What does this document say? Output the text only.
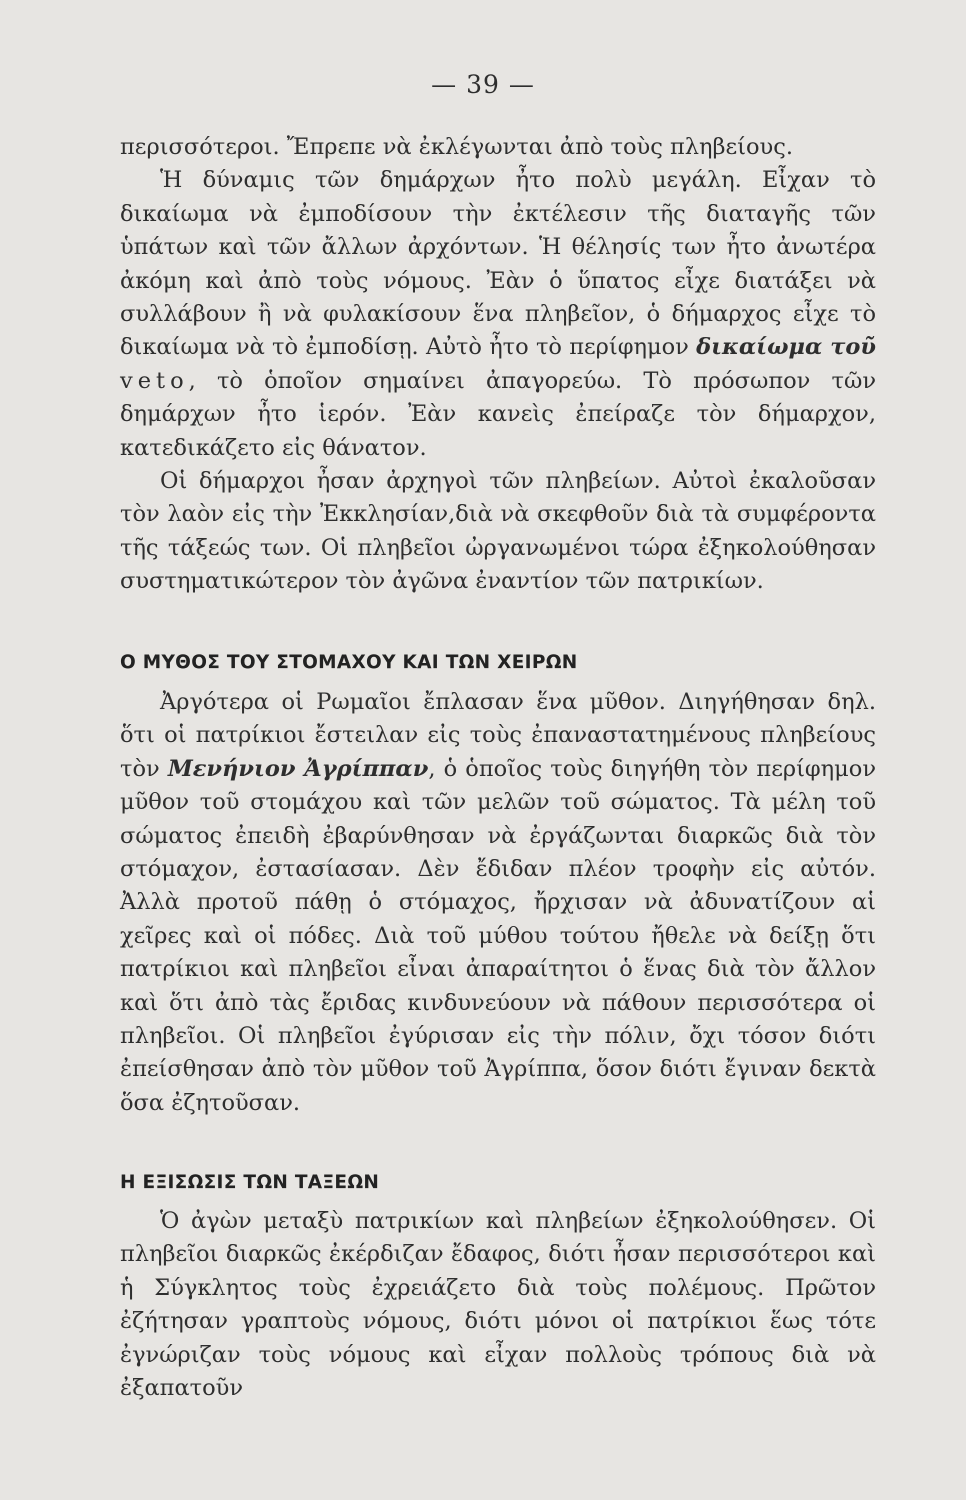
— 39 —

περισσότεροι. Ἔπρεπε νὰ ἐκλέγωνται ἀπὸ τοὺς πληβείους.

Ἡ δύναμις τῶν δημάρχων ἦτο πολὺ μεγάλη. Εἶχαν τὸ δικαίωμα νὰ ἐμποδίσουν τὴν ἐκτέλεσιν τῆς διαταγῆς τῶν ὑπάτων καὶ τῶν ἄλλων ἀρχόντων. Ἡ θέλησίς των ἦτο ἀνωτέρα ἀκόμη καὶ ἀπὸ τοὺς νόμους. Ἐὰν ὁ ὕπατος εἶχε διατάξει νὰ συλλάβουν ἢ νὰ φυλακίσουν ἕνα πληβεῖον, ὁ δήμαρχος εἶχε τὸ δικαίωμα νὰ τὸ ἐμποδίσῃ. Αὐτὸ ἦτο τὸ περίφημον δικαίωμα τοῦ veto, τὸ ὁποῖον σημαίνει ἀπαγορεύω. Τὸ πρόσωπον τῶν δημάρχων ἦτο ἱερόν. Ἐὰν κανεὶς ἐπείραζε τὸν δήμαρχον, κατεδικάζετο εἰς θάνατον.

Οἱ δήμαρχοι ἦσαν ἀρχηγοὶ τῶν πληβείων. Αὐτοὶ ἐκαλοῦσαν τὸν λαὸν εἰς τὴν Ἐκκλησίαν,διὰ νὰ σκεφθοῦν διὰ τὰ συμφέροντα τῆς τάξεώς των. Οἱ πληβεῖοι ὠργανωμένοι τώρα ἐξηκολούθησαν συστηματικώτερον τὸν ἀγῶνα ἐναντίον τῶν πατρικίων.

Ο ΜΥΘΟΣ ΤΟΥ ΣΤΟΜΑΧΟΥ ΚΑΙ ΤΩΝ ΧΕΙΡΩΝ

Ἀργότερα οἱ Ρωμαῖοι ἔπλασαν ἕνα μῦθον. Διηγήθησαν δηλ. ὅτι οἱ πατρίκιοι ἔστειλαν εἰς τοὺς ἐπαναστατημένους πληβείους τὸν Μενήνιον Ἀγρίππαν, ὁ ὁποῖος τοὺς διηγήθη τὸν περίφημον μῦθον τοῦ στομάχου καὶ τῶν μελῶν τοῦ σώματος. Τὰ μέλη τοῦ σώματος ἐπειδὴ ἐβαρύνθησαν νὰ ἐργάζωνται διαρκῶς διὰ τὸν στόμαχον, ἐστασίασαν. Δὲν ἔδιδαν πλέον τροφὴν εἰς αὐτόν. Ἀλλὰ προτοῦ πάθῃ ὁ στόμαχος, ἤρχισαν νὰ ἀδυνατίζουν αἱ χεῖρες καὶ οἱ πόδες. Διὰ τοῦ μύθου τούτου ἤθελε νὰ δείξῃ ὅτι πατρίκιοι καὶ πληβεῖοι εἶναι ἀπαραίτητοι ὁ ἕνας διὰ τὸν ἄλλον καὶ ὅτι ἀπὸ τὰς ἔριδας κινδυνεύουν νὰ πάθουν περισσότερα οἱ πληβεῖοι. Οἱ πληβεῖοι ἐγύρισαν εἰς τὴν πόλιν, ὄχι τόσον διότι ἐπείσθησαν ἀπὸ τὸν μῦθον τοῦ Ἀγρίππα, ὅσον διότι ἔγιναν δεκτὰ ὅσα ἐζητοῦσαν.

Η ΕΞΙΣΩΣΙΣ ΤΩΝ ΤΑΞΕΩΝ

Ὁ ἀγὼν μεταξὺ πατρικίων καὶ πληβείων ἐξηκολούθησεν. Οἱ πληβεῖοι διαρκῶς ἐκέρδιζαν ἔδαφος, διότι ἦσαν περισσότεροι καὶ ἡ Σύγκλητος τοὺς ἐχρειάζετο διὰ τοὺς πολέμους. Πρῶτον ἐζήτησαν γραπτοὺς νόμους, διότι μόνοι οἱ πατρίκιοι ἕως τότε ἐγνώριζαν τοὺς νόμους καὶ εἶχαν πολλοὺς τρόπους διὰ νὰ ἐξαπατοῦν
